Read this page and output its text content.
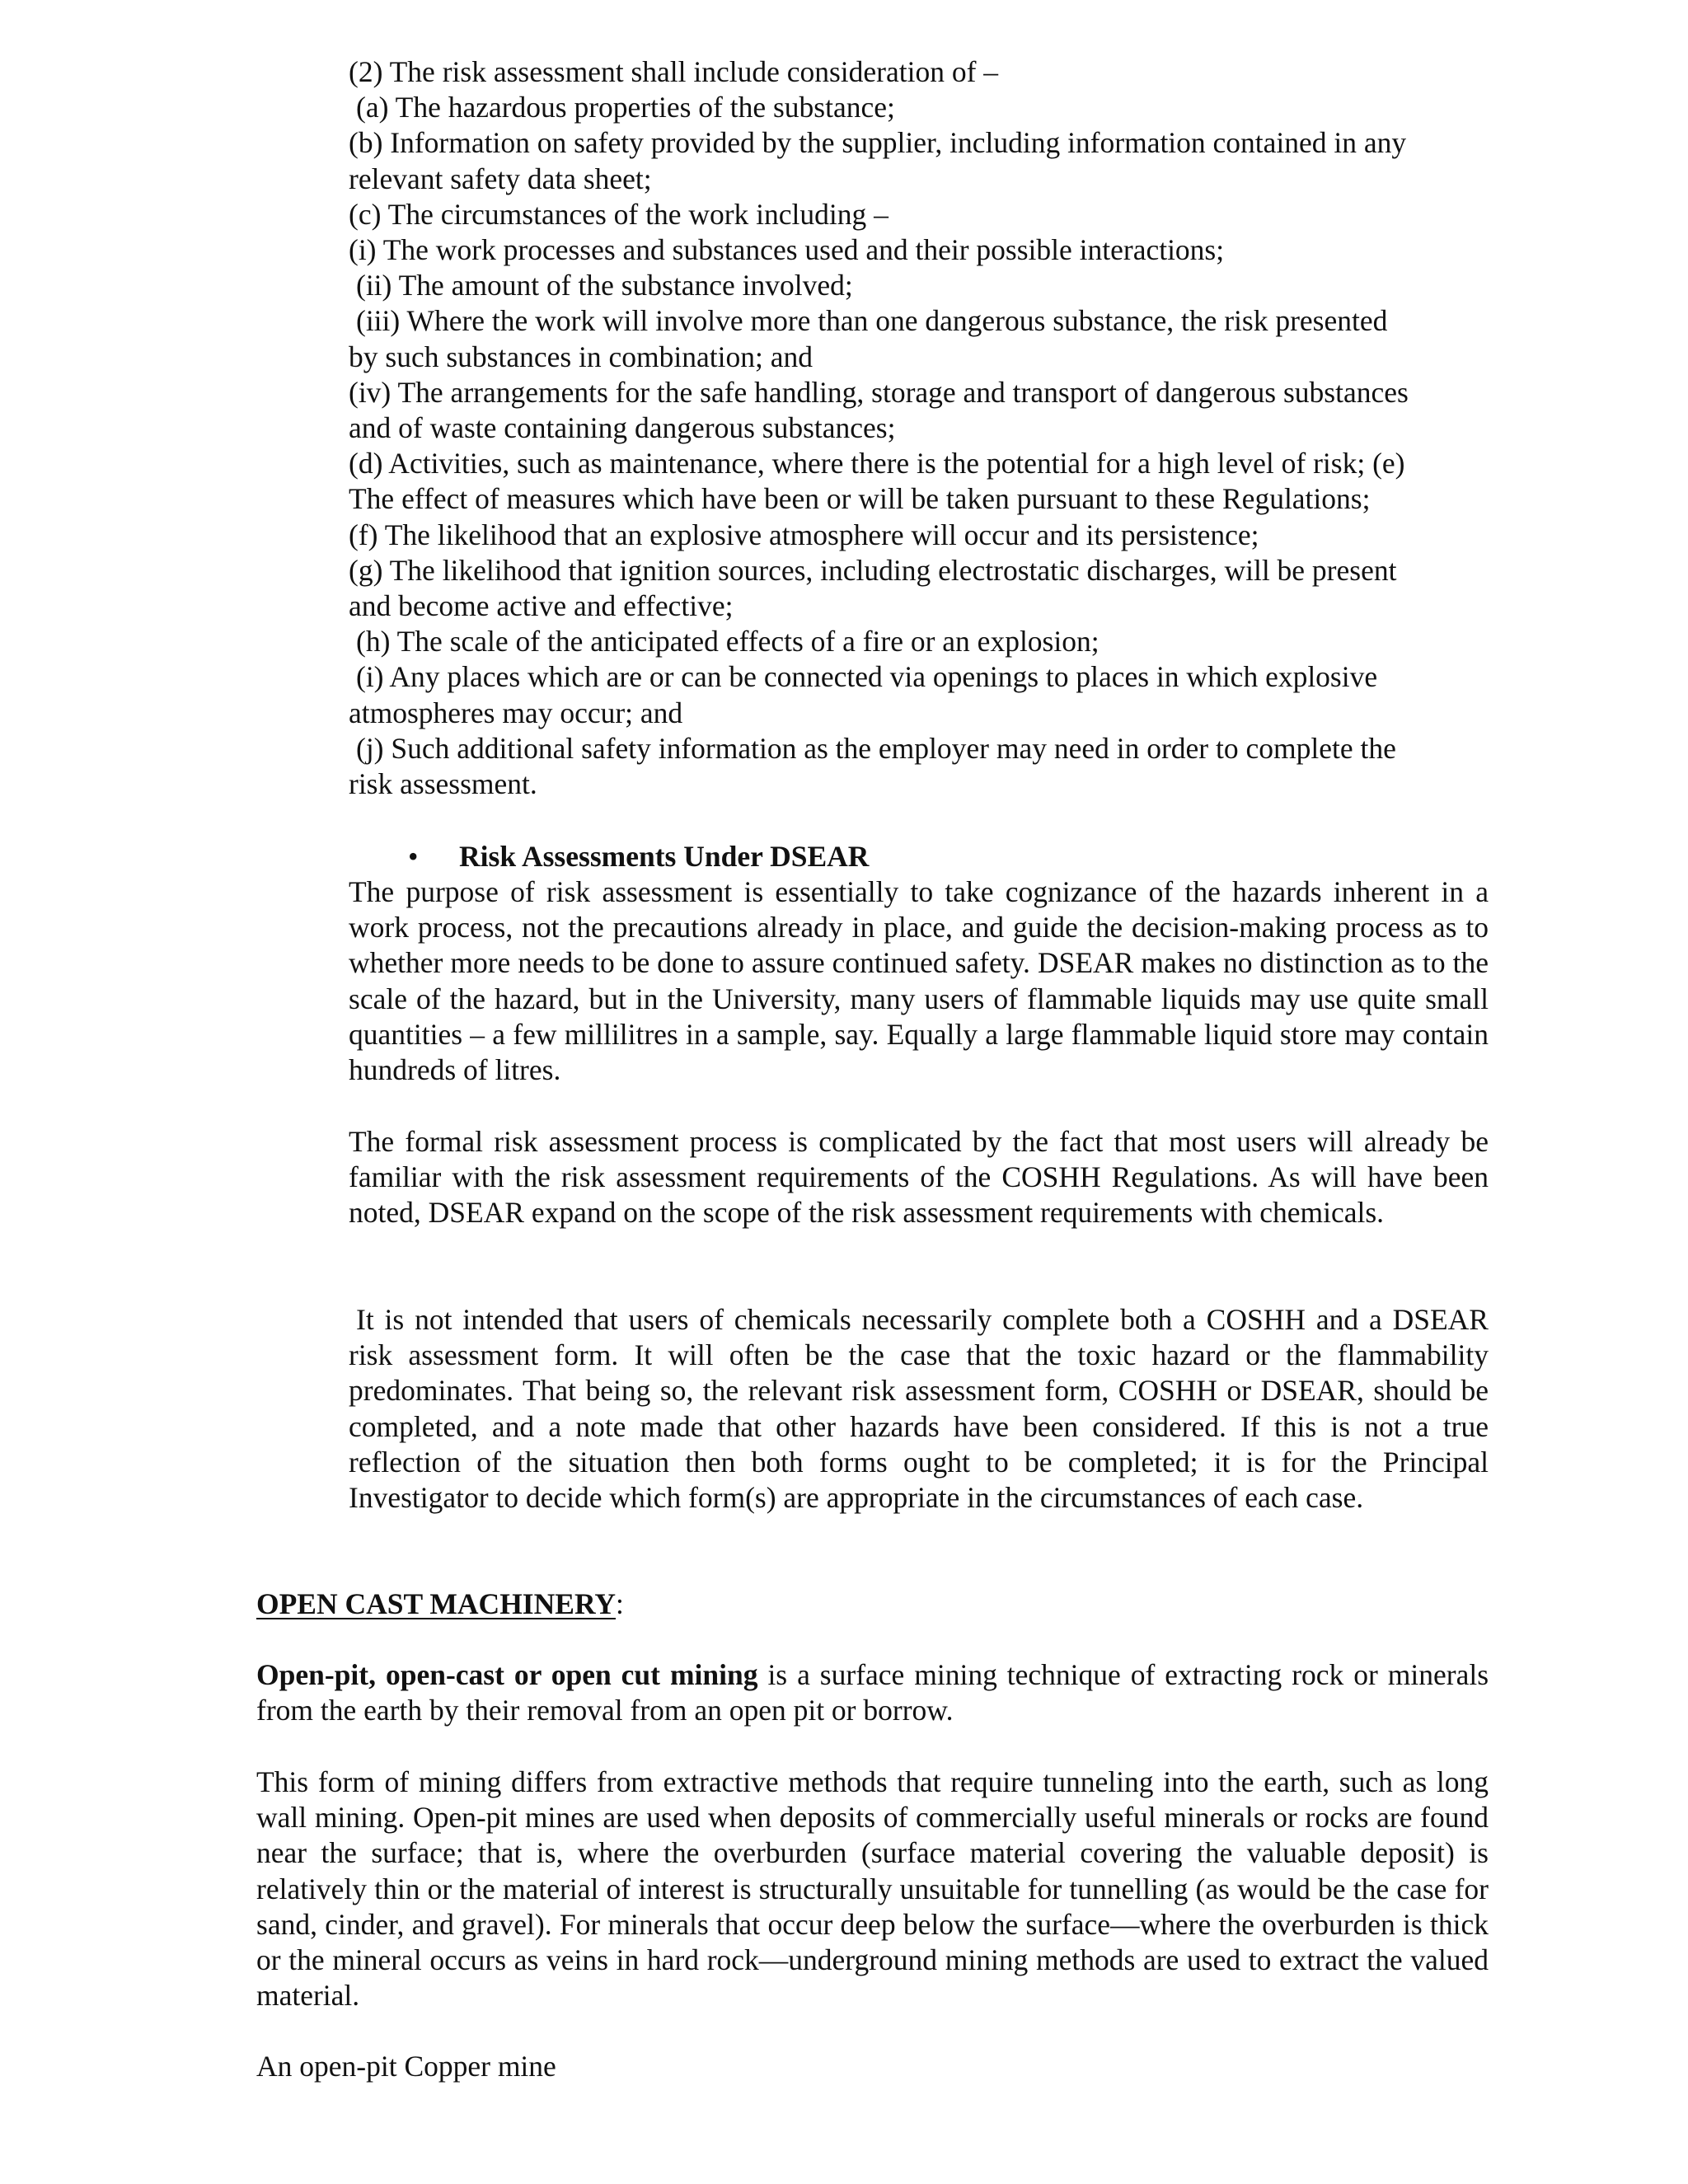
(2) The risk assessment shall include consideration of –
(a) The hazardous properties of the substance;
(b) Information on safety provided by the supplier, including information contained in any
relevant safety data sheet;
(c) The circumstances of the work including –
(i) The work processes and substances used and their possible interactions;
(ii) The amount of the substance involved;
(iii) Where the work will involve more than one dangerous substance, the risk presented
by such substances in combination; and
(iv) The arrangements for the safe handling, storage and transport of dangerous substances
and of waste containing dangerous substances;
(d) Activities, such as maintenance, where there is the potential for a high level of risk; (e)
The effect of measures which have been or will be taken pursuant to these Regulations;
(f) The likelihood that an explosive atmosphere will occur and its persistence;
(g) The likelihood that ignition sources, including electrostatic discharges, will be present
and become active and effective;
(h) The scale of the anticipated effects of a fire or an explosion;
(i) Any places which are or can be connected via openings to places in which explosive
atmospheres may occur; and
(j) Such additional safety information as the employer may need in order to complete the
risk assessment.
• Risk Assessments Under DSEAR
The purpose of risk assessment is essentially to take cognizance of the hazards inherent in a work process, not the precautions already in place, and guide the decision-making process as to whether more needs to be done to assure continued safety. DSEAR makes no distinction as to the scale of the hazard, but in the University, many users of flammable liquids may use quite small quantities – a few millilitres in a sample, say. Equally a large flammable liquid store may contain hundreds of litres.
The formal risk assessment process is complicated by the fact that most users will already be familiar with the risk assessment requirements of the COSHH Regulations. As will have been noted, DSEAR expand on the scope of the risk assessment requirements with chemicals.
It is not intended that users of chemicals necessarily complete both a COSHH and a DSEAR risk assessment form. It will often be the case that the toxic hazard or the flammability predominates. That being so, the relevant risk assessment form, COSHH or DSEAR, should be completed, and a note made that other hazards have been considered. If this is not a true reflection of the situation then both forms ought to be completed; it is for the Principal Investigator to decide which form(s) are appropriate in the circumstances of each case.
OPEN CAST MACHINERY:
Open-pit, open-cast or open cut mining is a surface mining technique of extracting rock or minerals from the earth by their removal from an open pit or borrow.
This form of mining differs from extractive methods that require tunneling into the earth, such as long wall mining. Open-pit mines are used when deposits of commercially useful minerals or rocks are found near the surface; that is, where the overburden (surface material covering the valuable deposit) is relatively thin or the material of interest is structurally unsuitable for tunnelling (as would be the case for sand, cinder, and gravel). For minerals that occur deep below the surface—where the overburden is thick or the mineral occurs as veins in hard rock—underground mining methods are used to extract the valued material.
An open-pit Copper mine
